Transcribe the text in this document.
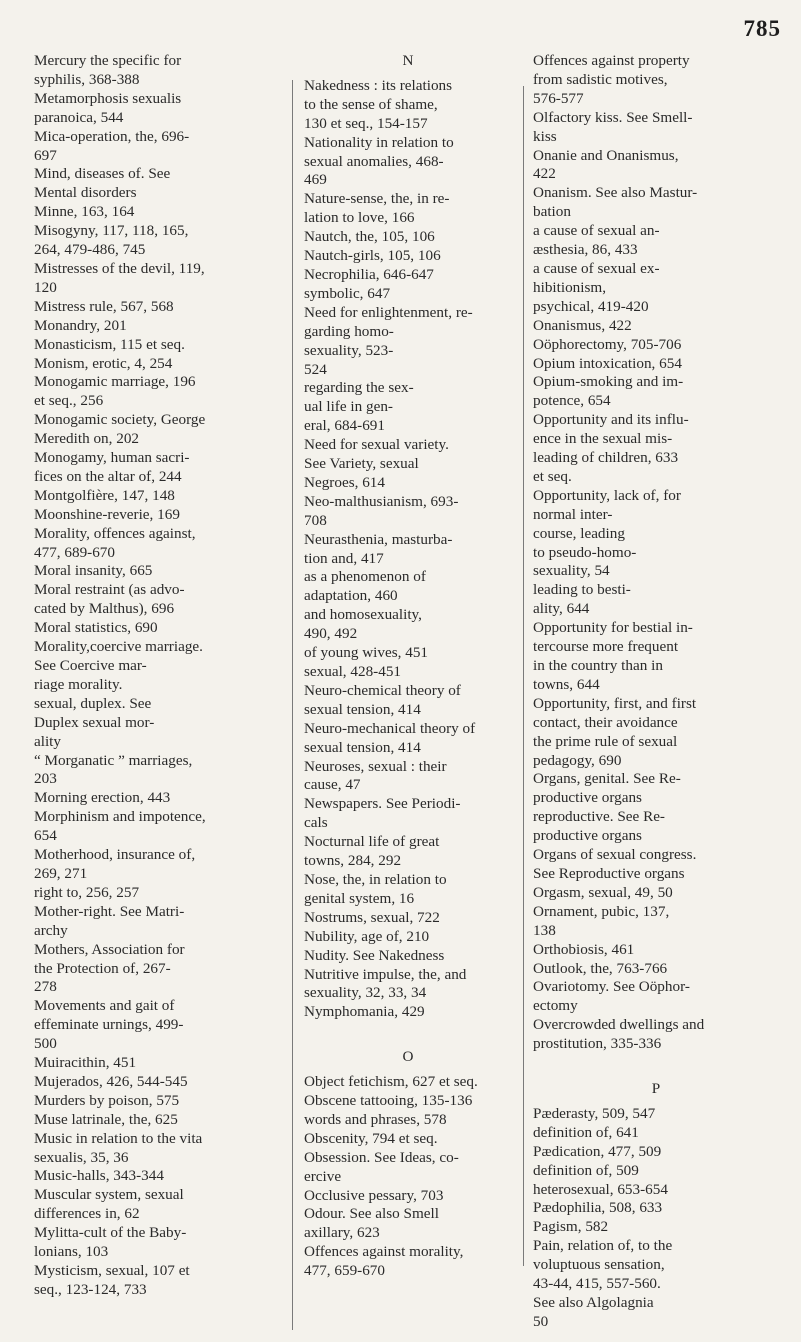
785
Mercury the specific for
syphilis, 368-388
Metamorphosis sexualis
paranoica, 544
Mica-operation, the, 696-
697
Mind, diseases of. See
Mental disorders
Minne, 163, 164
Misogyny, 117, 118, 165,
264, 479-486, 745
Mistresses of the devil, 119,
120
Mistress rule, 567, 568
Monandry, 201
Monasticism, 115 et seq.
Monism, erotic, 4, 254
Monogamic marriage, 196
et seq., 256
Monogamic society, George
Meredith on, 202
Monogamy, human sacri-
fices on the altar of, 244
Montgolfière, 147, 148
Moonshine-reverie, 169
Morality, offences against,
477, 689-670
Moral insanity, 665
Moral restraint (as advo-
cated by Malthus), 696
Moral statistics, 690
Morality,coercive marriage.
See Coercive mar-
riage morality.
sexual, duplex. See
Duplex sexual mor-
ality
“ Morganatic ” marriages,
203
Morning erection, 443
Morphinism and impotence,
654
Motherhood, insurance of,
269, 271
right to, 256, 257
Mother-right. See Matri-
archy
Mothers, Association for
the Protection of, 267-
278
Movements and gait of
effeminate urnings, 499-
500
Muiracithin, 451
Mujerados, 426, 544-545
Murders by poison, 575
Muse latrinale, the, 625
Music in relation to the vita
sexualis, 35, 36
Music-halls, 343-344
Muscular system, sexual
differences in, 62
Mylitta-cult of the Baby-
lonians, 103
Mysticism, sexual, 107 et
seq., 123-124, 733
N
Nakedness : its relations
to the sense of shame,
130 et seq., 154-157
Nationality in relation to
sexual anomalies, 468-
469
Nature-sense, the, in re-
lation to love, 166
Nautch, the, 105, 106
Nautch-girls, 105, 106
Necrophilia, 646-647
symbolic, 647
Need for enlightenment, re-
garding homo-
sexuality, 523-
524
regarding the sex-
ual life in gen-
eral, 684-691
Need for sexual variety.
See Variety, sexual
Negroes, 614
Neo-malthusianism, 693-
708
Neurasthenia, masturba-
tion and, 417
as a phenomenon of
adaptation, 460
and homosexuality,
490, 492
of young wives, 451
sexual, 428-451
Neuro-chemical theory of
sexual tension, 414
Neuro-mechanical theory of
sexual tension, 414
Neuroses, sexual : their
cause, 47
Newspapers. See Periodi-
cals
Nocturnal life of great
towns, 284, 292
Nose, the, in relation to
genital system, 16
Nostrums, sexual, 722
Nubility, age of, 210
Nudity. See Nakedness
Nutritive impulse, the, and
sexuality, 32, 33, 34
Nymphomania, 429
O
Object fetichism, 627 et seq.
Obscene tattooing, 135-136
words and phrases, 578
Obscenity, 794 et seq.
Obsession. See Ideas, co-
ercive
Occlusive pessary, 703
Odour. See also Smell
axillary, 623
Offences against morality,
477, 659-670
Offences against property
from sadistic motives,
576-577
Olfactory kiss. See Smell-
kiss
Onanie and Onanismus,
422
Onanism. See also Mastur-
bation
a cause of sexual an-
æsthesia, 86, 433
a cause of sexual ex-
hibitionism,
psychical, 419-420
Onanismus, 422
Oöphorectomy, 705-706
Opium intoxication, 654
Opium-smoking and im-
potence, 654
Opportunity and its influ-
ence in the sexual mis-
leading of children, 633
et seq.
Opportunity, lack of, for
normal inter-
course, leading
to pseudo-homo-
sexuality, 54
leading to besti-
ality, 644
Opportunity for bestial in-
tercourse more frequent
in the country than in
towns, 644
Opportunity, first, and first
contact, their avoidance
the prime rule of sexual
pedagogy, 690
Organs, genital. See Re-
productive organs
reproductive. See Re-
productive organs
Organs of sexual congress.
See Reproductive organs
Orgasm, sexual, 49, 50
Ornament, pubic, 137,
138
Orthobiosis, 461
Outlook, the, 763-766
Ovariotomy. See Oöphor-
ectomy
Overcrowded dwellings and
prostitution, 335-336
P
Pæderasty, 509, 547
definition of, 641
Pædication, 477, 509
definition of, 509
heterosexual, 653-654
Pædophilia, 508, 633
Pagism, 582
Pain, relation of, to the
voluptuous sensation,
43-44, 415, 557-560.
See also Algolagnia
50
